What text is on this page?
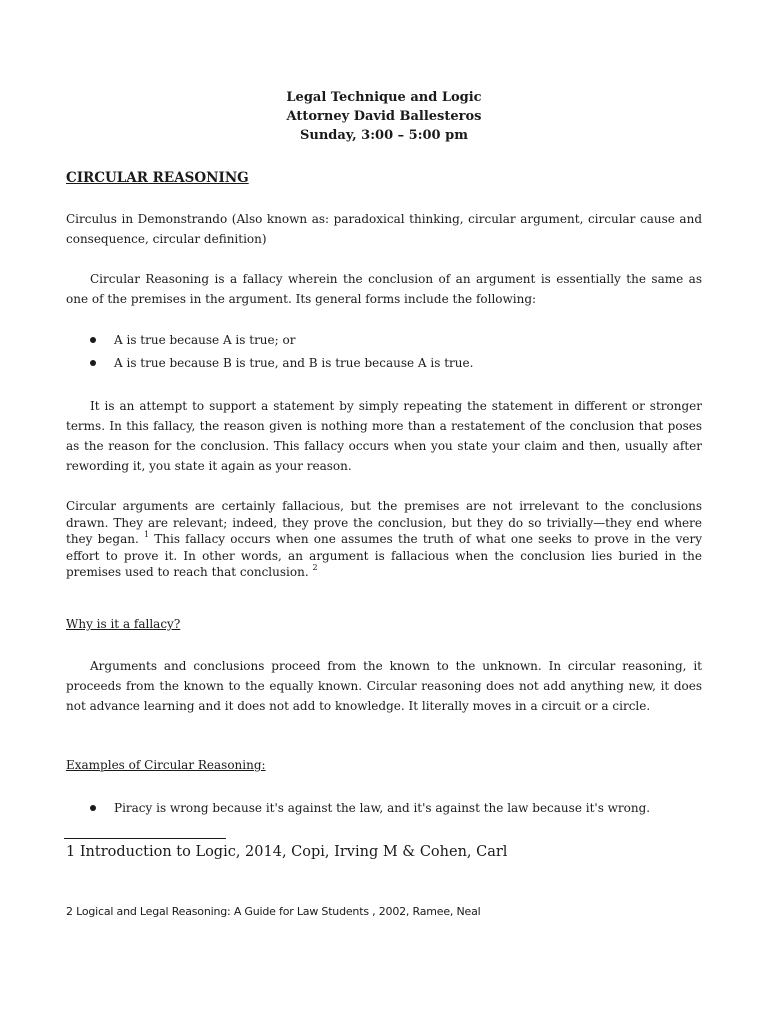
Legal Technique and Logic
Attorney David Ballesteros
Sunday, 3:00 – 5:00 pm
CIRCULAR REASONING

Circulus in Demonstrando (Also known as: paradoxical thinking, circular argument, circular cause and consequence, circular definition)

Circular Reasoning is a fallacy wherein the conclusion of an argument is essentially the same as one of the premises in the argument. Its general forms include the following:

A is true because A is true; or
A is true because B is true, and B is true because A is true.

It is an attempt to support a statement by simply repeating the statement in different or stronger terms. In this fallacy, the reason given is nothing more than a restatement of the conclusion that poses as the reason for the conclusion. This fallacy occurs when you state your claim and then, usually after rewording it, you state it again as your reason.

Circular arguments are certainly fallacious, but the premises are not irrelevant to the conclusions drawn. They are relevant; indeed, they prove the conclusion, but they do so trivially—they end where they began. $^1$ This fallacy occurs when one assumes the truth of what one seeks to prove in the very effort to prove it. In other words, an argument is fallacious when the conclusion lies buried in the premises used to reach that conclusion. $^2$

Why is it a fallacy?

Arguments and conclusions proceed from the known to the unknown. In circular reasoning, it proceeds from the known to the equally known. Circular reasoning does not add anything new, it does not advance learning and it does not add to knowledge. It literally moves in a circuit or a circle.

Examples of Circular Reasoning:
Piracy is wrong because it's against the law, and it's against the law because it's wrong.
1 Introduction to Logic, 2014, Copi, Irving M & Cohen, Carl
2 Logical and Legal Reasoning: A Guide for Law Students , 2002, Ramee, Neal
